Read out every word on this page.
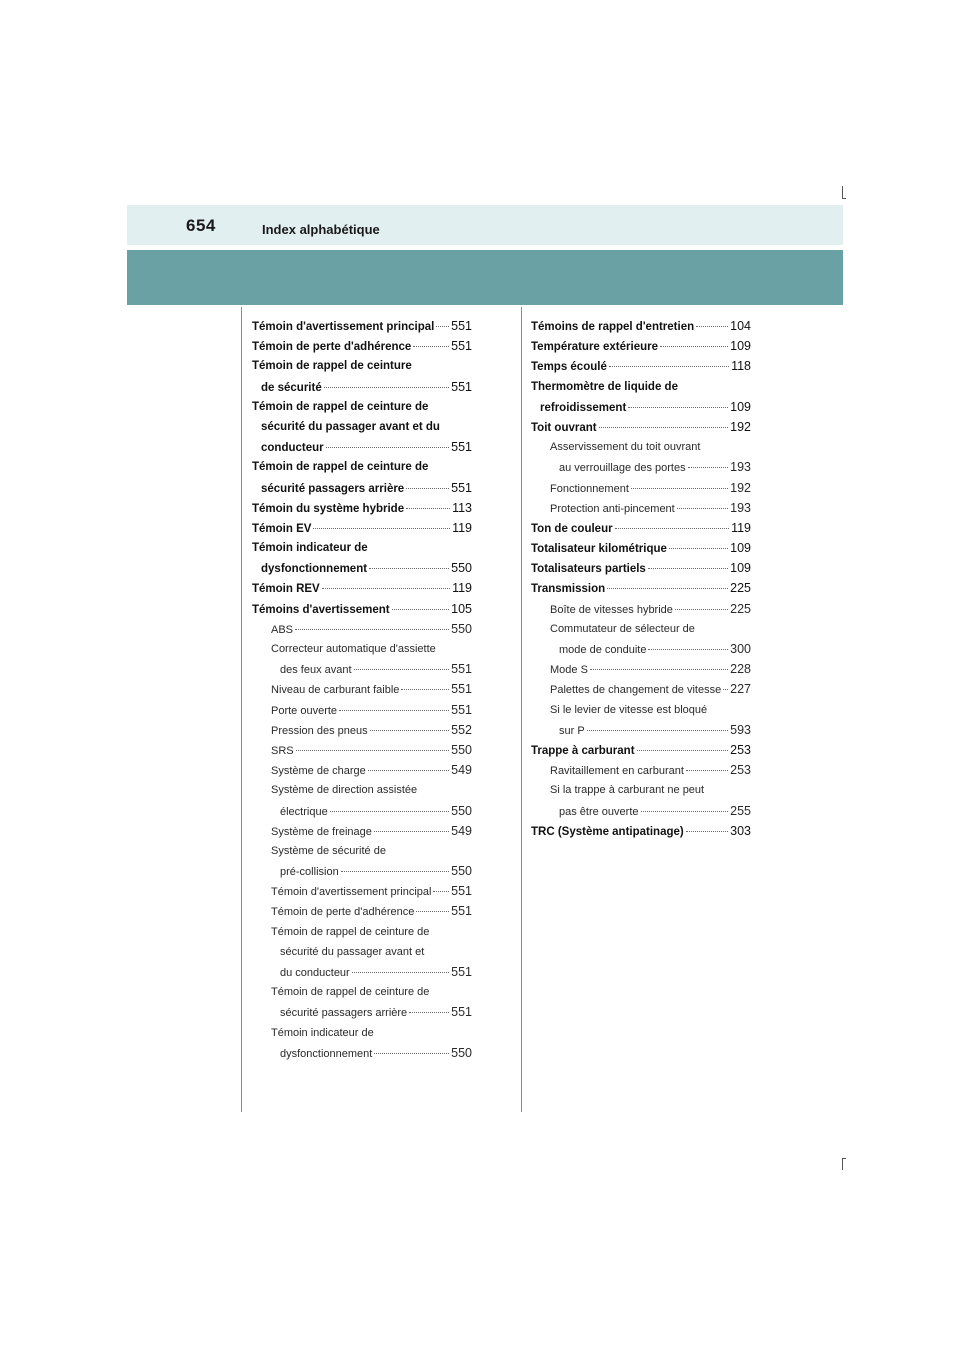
654	Index alphabétique
Témoin d'avertissement principal 551
Témoin de perte d'adhérence	551
Témoin de rappel de ceinture
de sécurité	551
Témoin de rappel de ceinture de
sécurité du passager avant et du
conducteur	551
Témoin de rappel de ceinture de
sécurité passagers arrière	551
Témoin du système hybride	113
Témoin EV	119
Témoin indicateur de
dysfonctionnement	550
Témoin REV	119
Témoins d'avertissement	105
ABS	550
Correcteur automatique d'assiette
des feux avant	551
Niveau de carburant faible	551
Porte ouverte	551
Pression des pneus	552
SRS	550
Système de charge	549
Système de direction assistée
électrique	550
Système de freinage	549
Système de sécurité de
pré-collision	550
Témoin d'avertissement principal 551
Témoin de perte d'adhérence	551
Témoin de rappel de ceinture de
sécurité du passager avant et
du conducteur	551
Témoin de rappel de ceinture de
sécurité passagers arrière	551
Témoin indicateur de
dysfonctionnement	550
Témoins de rappel d'entretien	104
Température extérieure	109
Temps écoulé	118
Thermomètre de liquide de
refroidissement	109
Toit ouvrant	192
Asservissement du toit ouvrant
au verrouillage des portes	193
Fonctionnement	192
Protection anti-pincement	193
Ton de couleur	119
Totalisateur kilométrique	109
Totalisateurs partiels	109
Transmission	225
Boîte de vitesses hybride	225
Commutateur de sélecteur de
mode de conduite	300
Mode S	228
Palettes de changement de vitesse 227
Si le levier de vitesse est bloqué
sur P	593
Trappe à carburant	253
Ravitaillement en carburant	253
Si la trappe à carburant ne peut
pas être ouverte	255
TRC (Système antipatinage)	303
